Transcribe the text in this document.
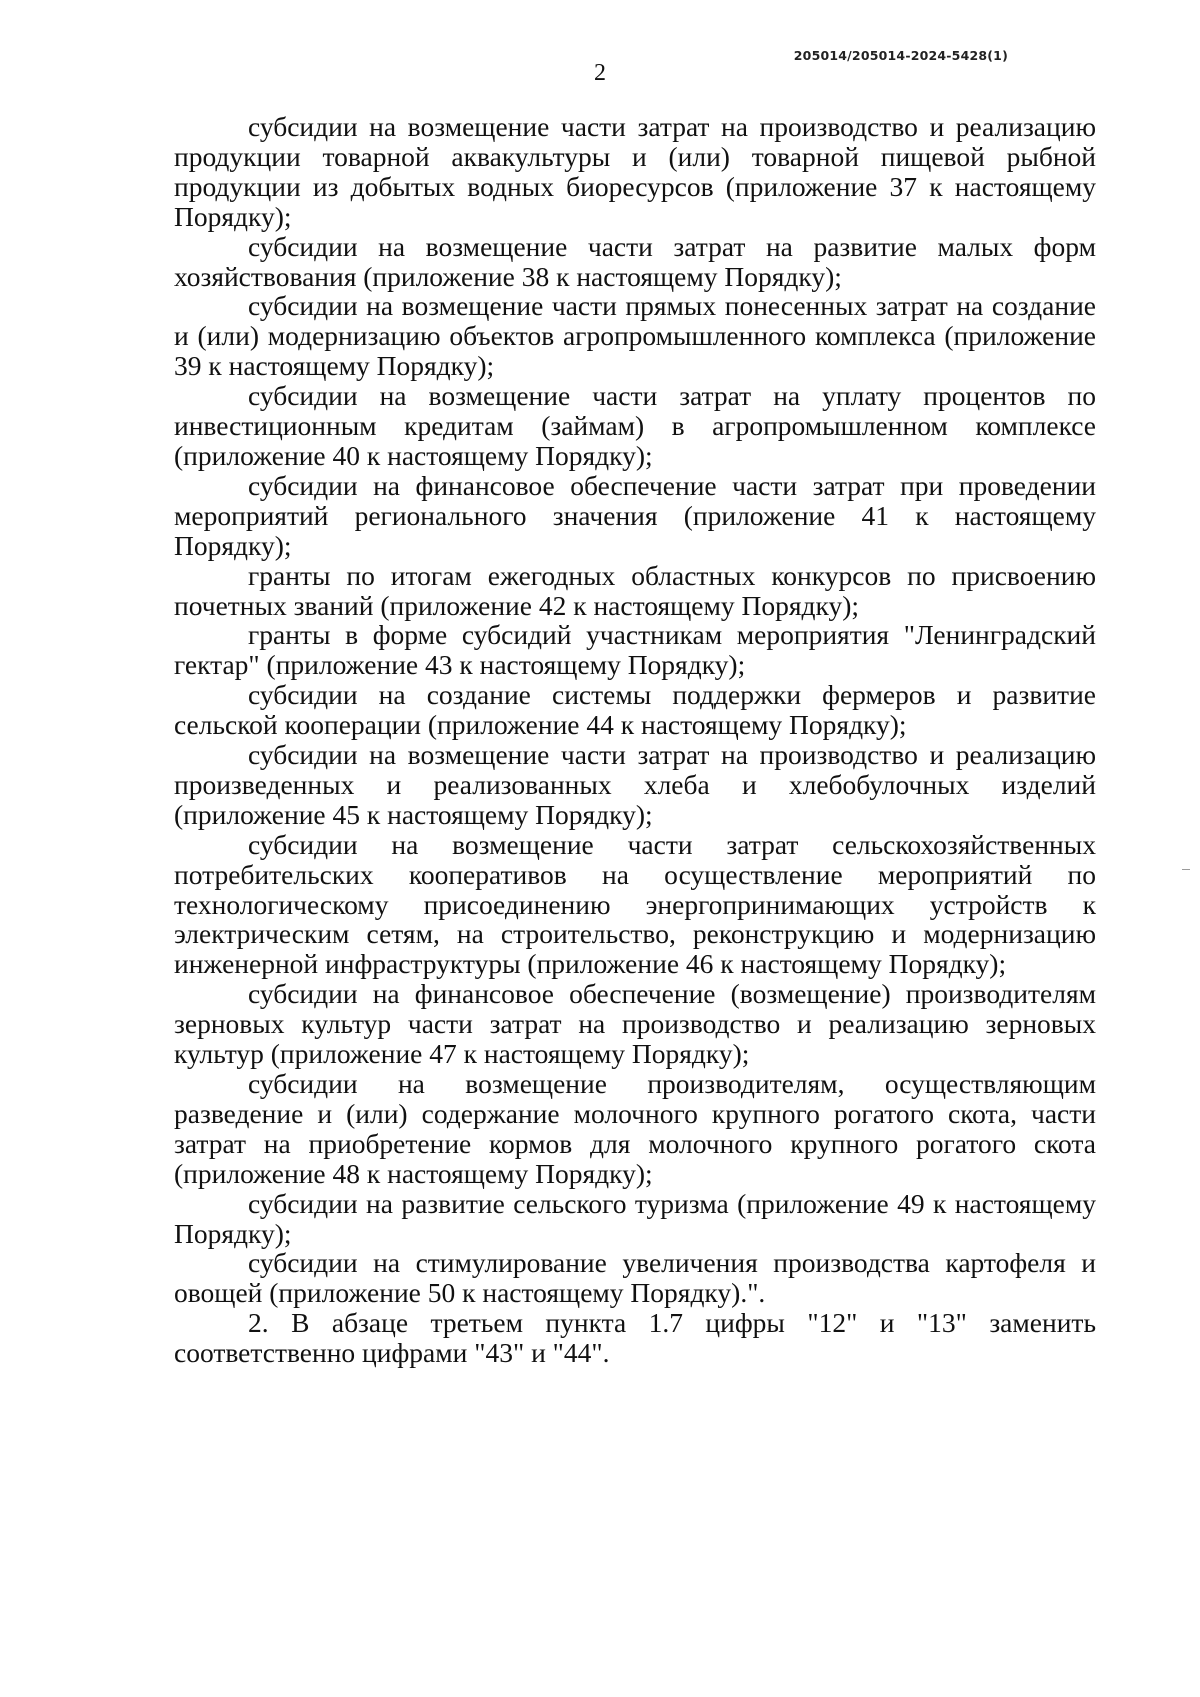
205014/205014-2024-5428(1)
2

субсидии на возмещение части затрат на производство и реализацию продукции товарной аквакультуры и (или) товарной пищевой рыбной продукции из добытых водных биоресурсов (приложение 37 к настоящему Порядку);

субсидии на возмещение части затрат на развитие малых форм хозяйствования (приложение 38 к настоящему Порядку);

субсидии на возмещение части прямых понесенных затрат на создание и (или) модернизацию объектов агропромышленного комплекса (приложение 39 к настоящему Порядку);

субсидии на возмещение части затрат на уплату процентов по инвестиционным кредитам (займам) в агропромышленном комплексе (приложение 40 к настоящему Порядку);

субсидии на финансовое обеспечение части затрат при проведении мероприятий регионального значения (приложение 41 к настоящему Порядку);

гранты по итогам ежегодных областных конкурсов по присвоению почетных званий (приложение 42 к настоящему Порядку);

гранты в форме субсидий участникам мероприятия "Ленинградский гектар" (приложение 43 к настоящему Порядку);

субсидии на создание системы поддержки фермеров и развитие сельской кооперации (приложение 44 к настоящему Порядку);

субсидии на возмещение части затрат на производство и реализацию произведенных и реализованных хлеба и хлебобулочных изделий (приложение 45 к настоящему Порядку);

субсидии на возмещение части затрат сельскохозяйственных потребительских кооперативов на осуществление мероприятий по технологическому присоединению энергопринимающих устройств к электрическим сетям, на строительство, реконструкцию и модернизацию инженерной инфраструктуры (приложение 46 к настоящему Порядку);

субсидии на финансовое обеспечение (возмещение) производителям зерновых культур части затрат на производство и реализацию зерновых культур (приложение 47 к настоящему Порядку);

субсидии на возмещение производителям, осуществляющим разведение и (или) содержание молочного крупного рогатого скота, части затрат на приобретение кормов для молочного крупного рогатого скота (приложение 48 к настоящему Порядку);

субсидии на развитие сельского туризма (приложение 49 к настоящему Порядку);

субсидии на стимулирование увеличения производства картофеля и овощей (приложение 50 к настоящему Порядку).".

2. В абзаце третьем пункта 1.7 цифры "12" и "13" заменить соответственно цифрами "43" и "44".
